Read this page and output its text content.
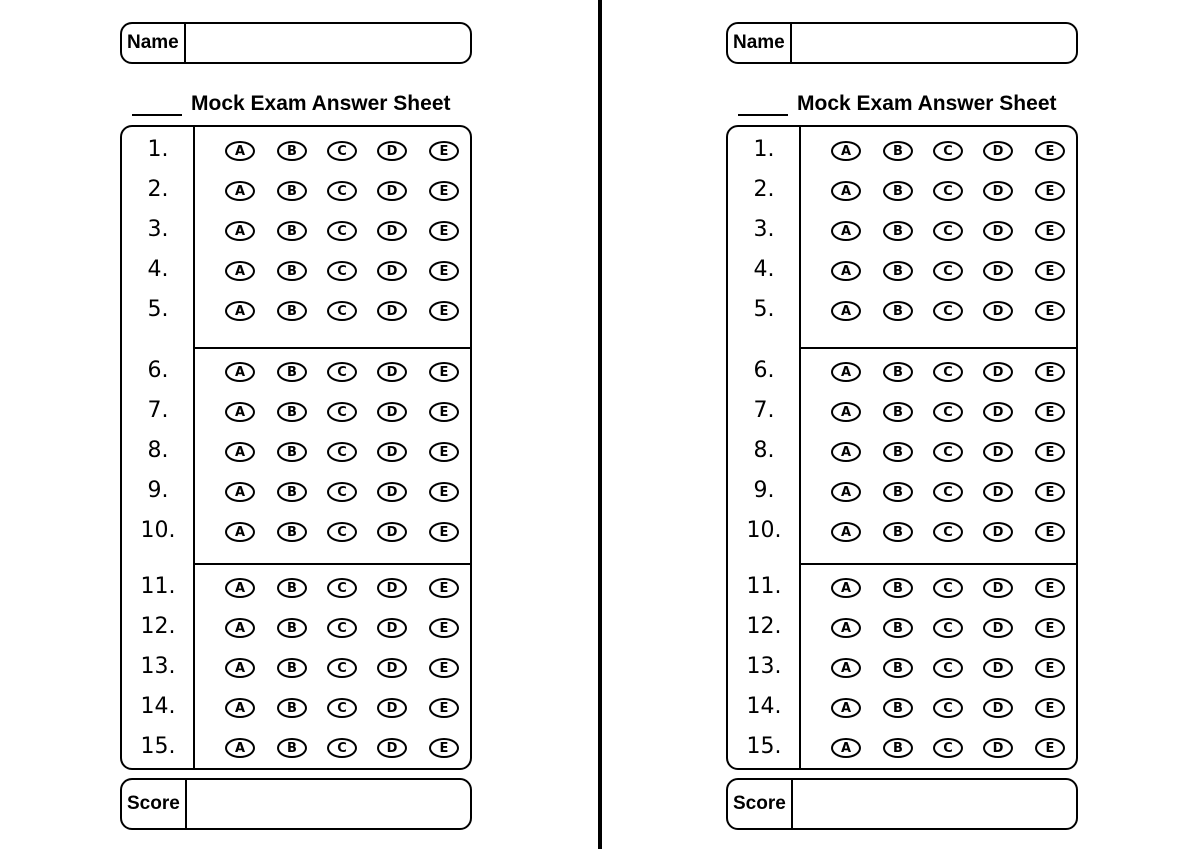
Name
Mock Exam Answer Sheet
1.	A	B	C	D	E
2.	A	B	C	D	E
3.	A	B	C	D	E
4.	A	B	C	D	E
5.	A	B	C	D	E
6.	A	B	C	D	E
7.	A	B	C	D	E
8.	A	B	C	D	E
9.	A	B	C	D	E
10.	A	B	C	D	E
11.	A	B	C	D	E
12.	A	B	C	D	E
13.	A	B	C	D	E
14.	A	B	C	D	E
15.	A	B	C	D	E
Score
Name
Mock Exam Answer Sheet
1.	A	B	C	D	E
2.	A	B	C	D	E
3.	A	B	C	D	E
4.	A	B	C	D	E
5.	A	B	C	D	E
6.	A	B	C	D	E
7.	A	B	C	D	E
8.	A	B	C	D	E
9.	A	B	C	D	E
10.	A	B	C	D	E
11.	A	B	C	D	E
12.	A	B	C	D	E
13.	A	B	C	D	E
14.	A	B	C	D	E
15.	A	B	C	D	E
Score
